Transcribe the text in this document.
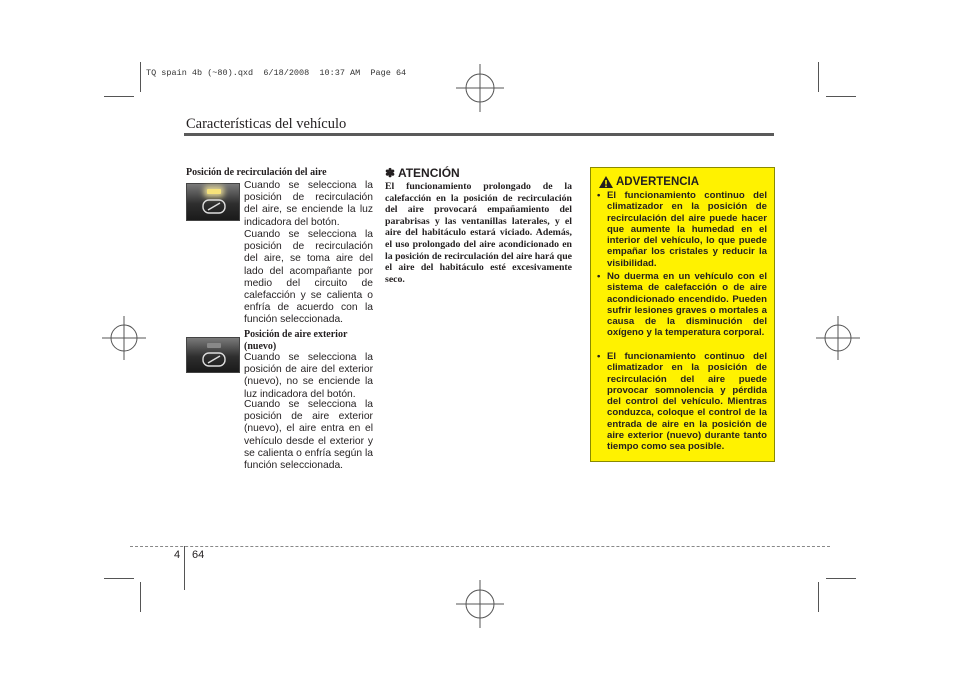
TQ spain 4b (~80).qxd  6/18/2008  10:37 AM  Page 64
Características del vehículo
Posición de recirculación del aire
Cuando se selecciona la posición de recirculación del aire, se enciende la luz indicadora del botón.
Cuando se selecciona la posición de recirculación del aire, se toma aire del lado del acompañante por medio del circuito de calefacción y se calienta o enfría de acuerdo con la función seleccionada.
Posición de aire exterior (nuevo)
Cuando se selecciona la posición de aire del exterior (nuevo), no se enciende la luz indicadora del botón.
Cuando se selecciona la posición de aire exterior (nuevo), el aire entra en el vehículo desde el exterior y se calienta o enfría según la función seleccionada.
✽ ATENCIÓN
El funcionamiento prolongado de la calefacción en la posición de recirculación del aire provocará empañamiento del parabrisas y las ventanillas laterales, y el aire del habitáculo estará viciado. Además, el uso prolongado del aire acondicionado en la posición de recirculación del aire hará que el aire del habitáculo esté excesivamente seco.
ADVERTENCIA
• El funcionamiento continuo del climatizador en la posición de recirculación del aire puede hacer que aumente la humedad en el interior del vehículo, lo que puede empañar los cristales y reducir la visibilidad.
• No duerma en un vehículo con el sistema de calefacción o de aire acondicionado encendido. Pueden sufrir lesiones graves o mortales a causa de la disminución del oxígeno y la temperatura corporal.
• El funcionamiento continuo del climatizador en la posición de recirculación del aire puede provocar somnolencia y pérdida del control del vehículo. Mientras conduzca, coloque el control de la entrada de aire en la posición de aire exterior (nuevo) durante tanto tiempo como sea posible.
4 64
